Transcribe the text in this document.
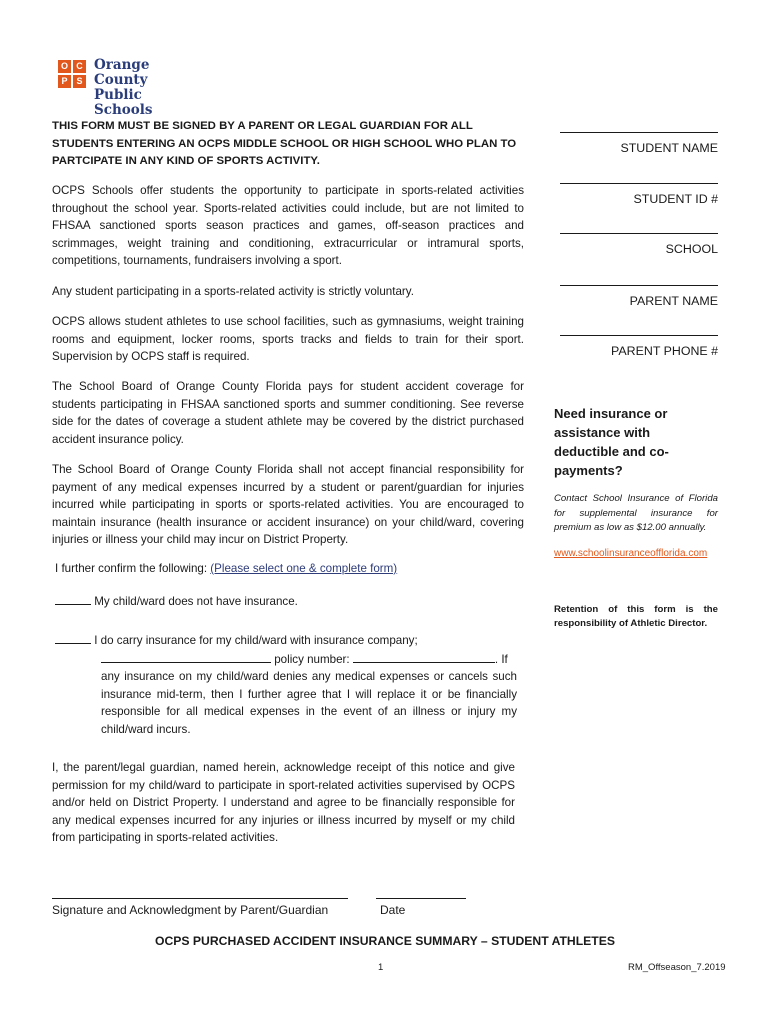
O C
P S
Orange County
Public Schools
THIS FORM MUST BE SIGNED BY A PARENT OR LEGAL GUARDIAN FOR ALL STUDENTS ENTERING AN OCPS MIDDLE SCHOOL OR HIGH SCHOOL WHO PLAN TO PARTCIPATE IN ANY KIND OF SPORTS ACTIVITY.
OCPS Schools offer students the opportunity to participate in sports-related activities throughout the school year. Sports-related activities could include, but are not limited to FHSAA sanctioned sports season practices and games, off-season practices and scrimmages, weight training and conditioning, extracurricular or intramural sports, competitions, tournaments, fundraisers involving a sport.
Any student participating in a sports-related activity is strictly voluntary.
OCPS allows student athletes to use school facilities, such as gymnasiums, weight training rooms and equipment, locker rooms, sports tracks and fields to train for their sport. Supervision by OCPS staff is required.
The School Board of Orange County Florida pays for student accident coverage for students participating in FHSAA sanctioned sports and summer conditioning. See reverse side for the dates of coverage a student athlete may be covered by the district purchased accident insurance policy.
The School Board of Orange County Florida shall not accept financial responsibility for payment of any medical expenses incurred by a student or parent/guardian for injuries incurred while participating in sports or sports-related activities. You are encouraged to maintain insurance (health insurance or accident insurance) on your child/ward, covering injuries or illness your child may incur on District Property.
I further confirm the following: (Please select one & complete form)
My child/ward does not have insurance.
I do carry insurance for my child/ward with insurance company;
policy number:	. If
any insurance on my child/ward denies any medical expenses or cancels such insurance mid-term, then I further agree that I will replace it or be financially responsible for all medical expenses in the event of an illness or injury my child/ward incurs.
I, the parent/legal guardian, named herein, acknowledge receipt of this notice and give permission for my child/ward to participate in sport-related activities supervised by OCPS and/or held on District Property. I understand and agree to be financially responsible for any medical expenses incurred for any injuries or illness incurred by myself or my child from participating in sports-related activities.
Signature and Acknowledgment by Parent/Guardian	Date
STUDENT NAME
STUDENT ID #
SCHOOL
PARENT NAME
PARENT PHONE #
Need insurance or assistance with deductible and co-payments?
Contact School Insurance of Florida for supplemental insurance for premium as low as $12.00 annually.
www.schoolinsuranceofflorida.com
Retention of this form is the responsibility of Athletic Director.
OCPS PURCHASED ACCIDENT INSURANCE SUMMARY – STUDENT ATHLETES
1	RM_Offseason_7.2019
